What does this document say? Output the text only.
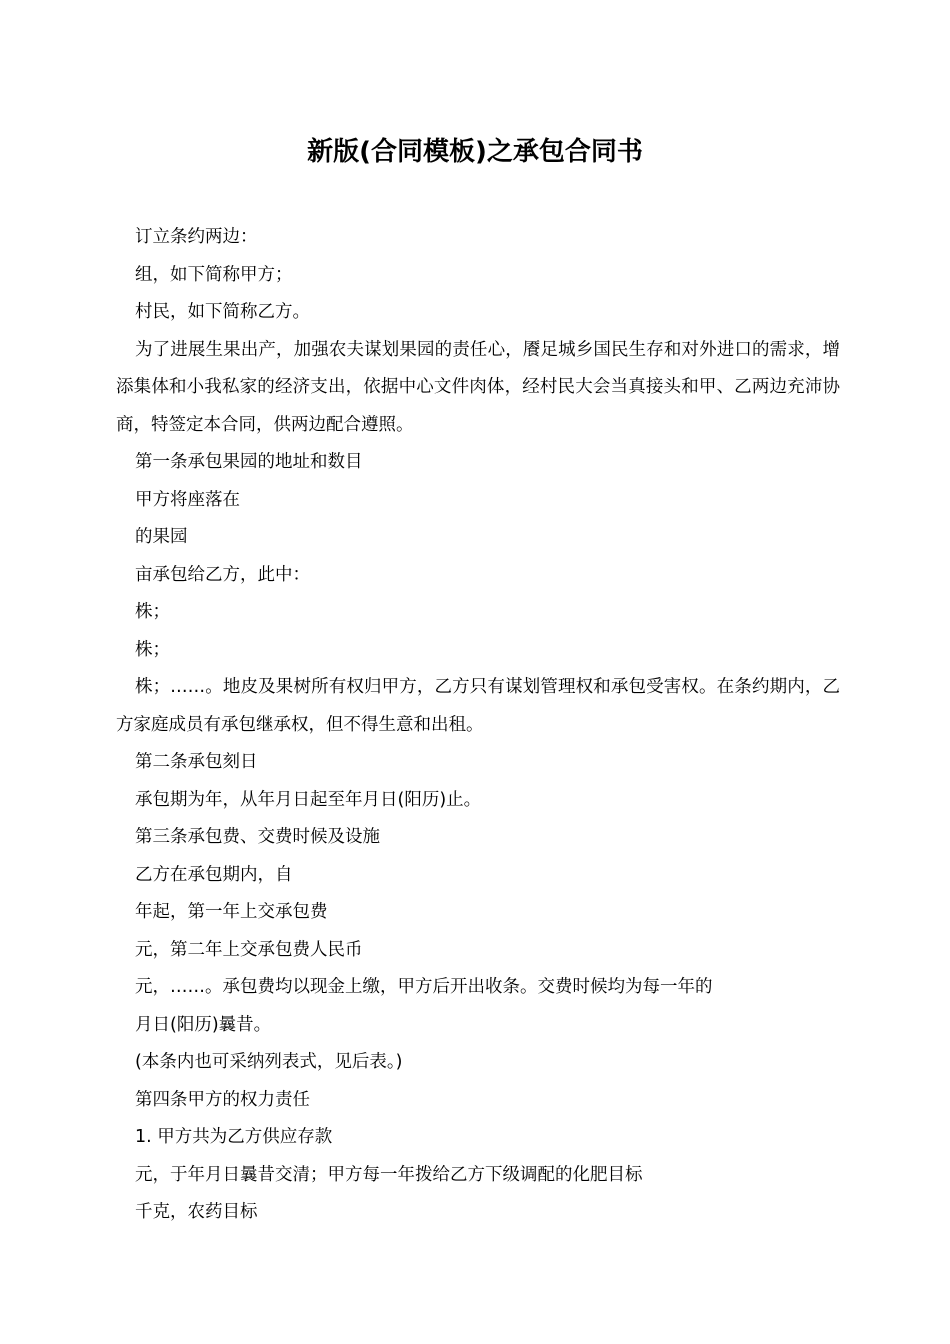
新版(合同模板)之承包合同书

订立条约两边：

组，如下简称甲方；

村民，如下简称乙方。

为了进展生果出产，加强农夫谋划果园的责任心，餍足城乡国民生存和对外进口的需求，增添集体和小我私家的经济支出，依据中心文件肉体，经村民大会当真接头和甲、乙两边充沛协商，特签定本合同，供两边配合遵照。

第一条承包果园的地址和数目

甲方将座落在

的果园

亩承包给乙方，此中：

株；

株；

株；……。地皮及果树所有权归甲方，乙方只有谋划管理权和承包受害权。在条约期内，乙方家庭成员有承包继承权，但不得生意和出租。

第二条承包刻日

承包期为年，从年月日起至年月日(阳历)止。

第三条承包费、交费时候及设施

乙方在承包期内，自

年起，第一年上交承包费

元，第二年上交承包费人民币

元，……。承包费均以现金上缴，甲方后开出收条。交费时候均为每一年的

月日(阳历)曩昔。

(本条内也可采纳列表式，见后表。)

第四条甲方的权力责任

1. 甲方共为乙方供应存款

元，于年月日曩昔交清；甲方每一年拨给乙方下级调配的化肥目标

千克，农药目标
